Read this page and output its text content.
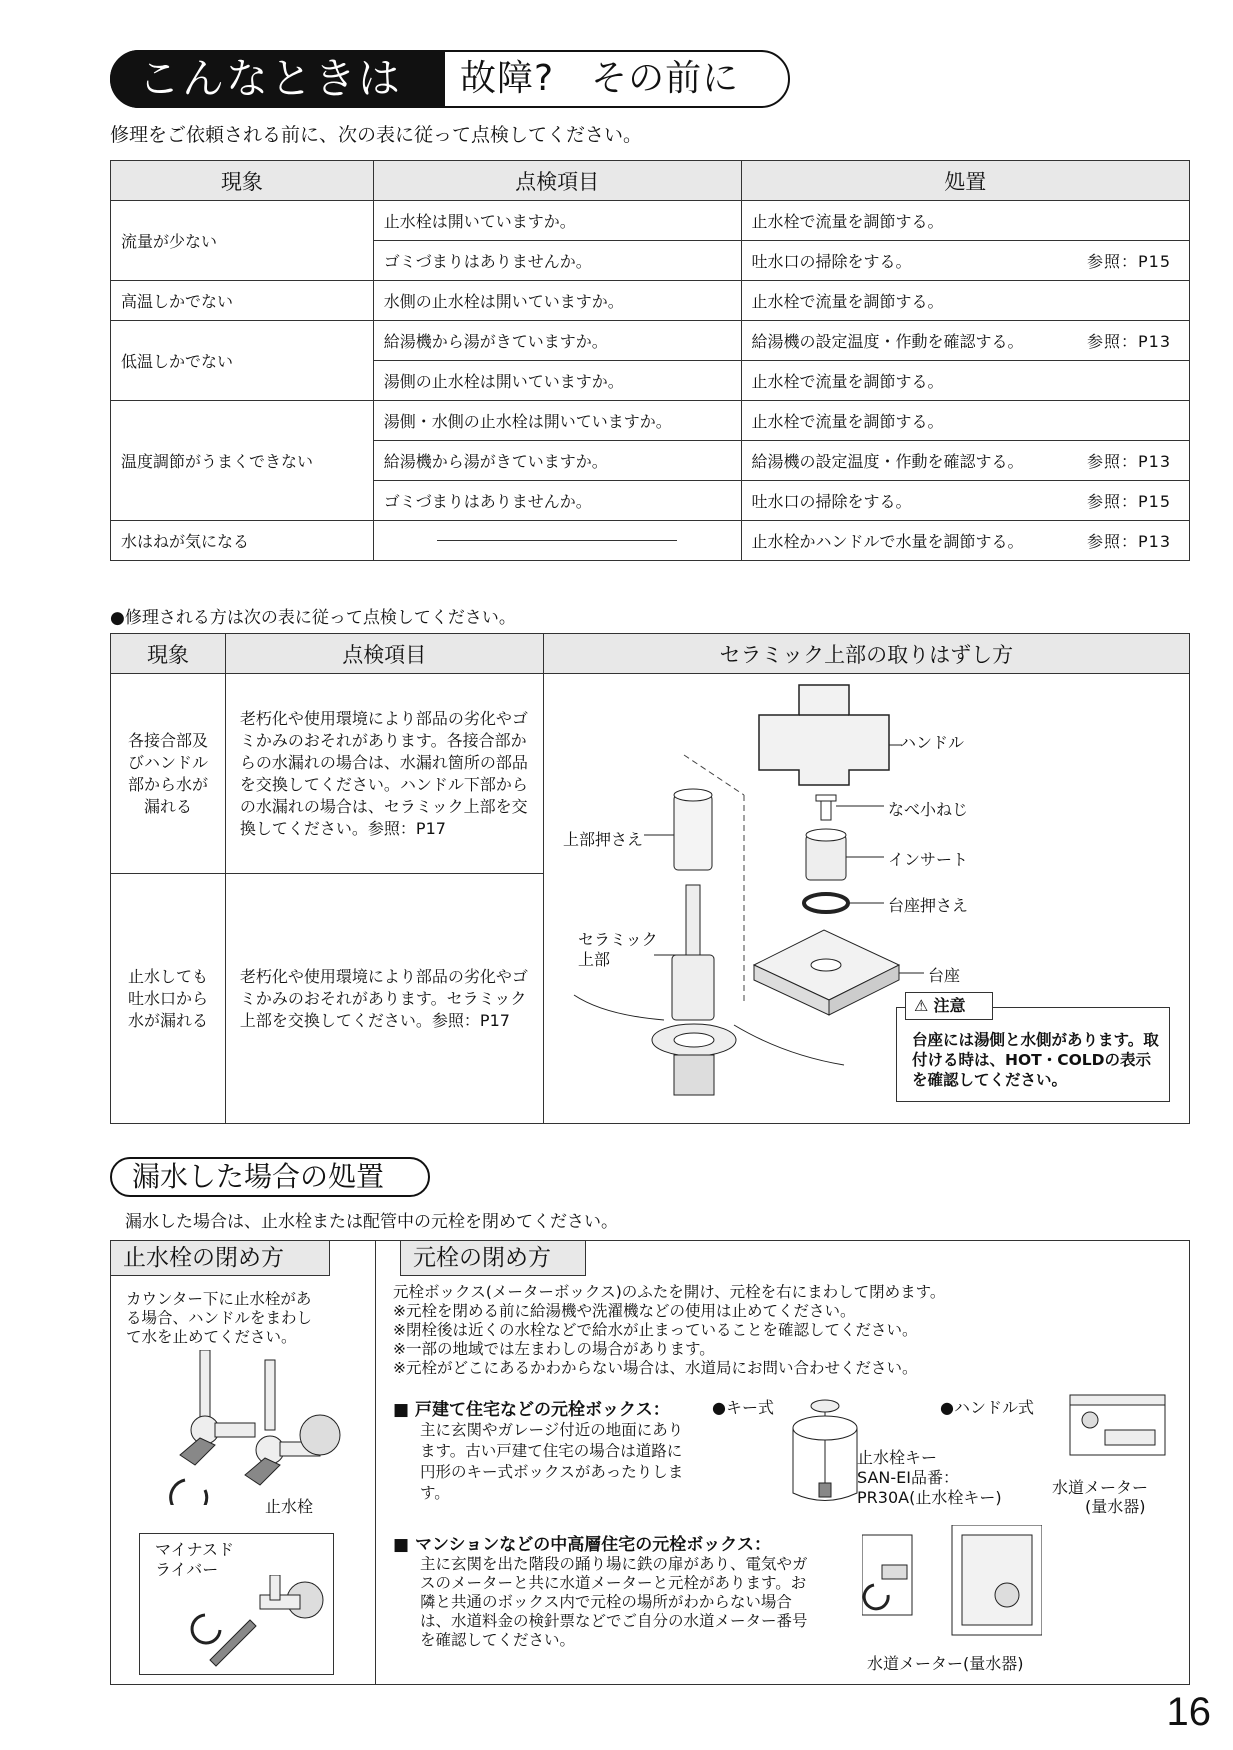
こんなときは	故障?　その前に
修理をご依頼される前に、次の表に従って点検してください。
現象	点検項目	処置
流量が少ない	止水栓は開いていますか。	止水栓で流量を調節する。

	ゴミづまりはありませんか。	吐水口の掃除をする。 参照：P15

高温しかでない	水側の止水栓は開いていますか。	止水栓で流量を調節する。

低温しかでない	給湯機から湯がきていますか。	給湯機の設定温度・作動を確認する。 参照：P13

	湯側の止水栓は開いていますか。	止水栓で流量を調節する。

温度調節がうまくできない	湯側・水側の止水栓は開いていますか。	止水栓で流量を調節する。

	給湯機から湯がきていますか。	給湯機の設定温度・作動を確認する。 参照：P13

	ゴミづまりはありませんか。	吐水口の掃除をする。 参照：P15

水はねが気になる		止水栓かハンドルで水量を調節する。 参照：P13
●修理される方は次の表に従って点検してください。
現象	点検項目	セラミック上部の取りはずし方
各接合部及びハンドル部から水が漏れる	老朽化や使用環境により部品の劣化やゴミかみのおそれがあります。各接合部からの水漏れの場合は、水漏れ箇所の部品を交換してください。ハンドル下部からの水漏れの場合は、セラミック上部を交換してください。参照：P17	
止水しても吐水口から水が漏れる	老朽化や使用環境により部品の劣化やゴミかみのおそれがあります。セラミック上部を交換してください。参照：P17	
ハンドル
なべ小ねじ
上部押さえ
インサート
台座押さえ
セラミック上部
台座
⚠ 注意
台座には湯側と水側があります。取付ける時は、HOT・COLDの表示を確認してください。
漏水した場合の処置
漏水した場合は、止水栓または配管中の元栓を閉めてください。
止水栓の閉め方
カウンター下に止水栓がある場合、ハンドルをまわして水を止めてください。
止水栓
マイナスドライバー
元栓の閉め方
元栓ボックス(メーターボックス)のふたを開け、元栓を右にまわして閉めます。
※元栓を閉める前に給湯機や洗濯機などの使用は止めてください。
※閉栓後は近くの水栓などで給水が止まっていることを確認してください。
※一部の地域では左まわしの場合があります。
※元栓がどこにあるかわからない場合は、水道局にお問い合わせください。
■ 戸建て住宅などの元栓ボックス：
主に玄関やガレージ付近の地面にあります。古い戸建て住宅の場合は道路に円形のキー式ボックスがあったりします。
●キー式	●ハンドル式
止水栓キー
SAN-EI品番：
PR30A(止水栓キー)
水道メーター
(量水器)
■ マンションなどの中高層住宅の元栓ボックス：
主に玄関を出た階段の踊り場に鉄の扉があり、電気やガスのメーターと共に水道メーターと元栓があります。お隣と共通のボックス内で元栓の場所がわからない場合は、水道料金の検針票などでご自分の水道メーター番号を確認してください。
水道メーター(量水器)
16
